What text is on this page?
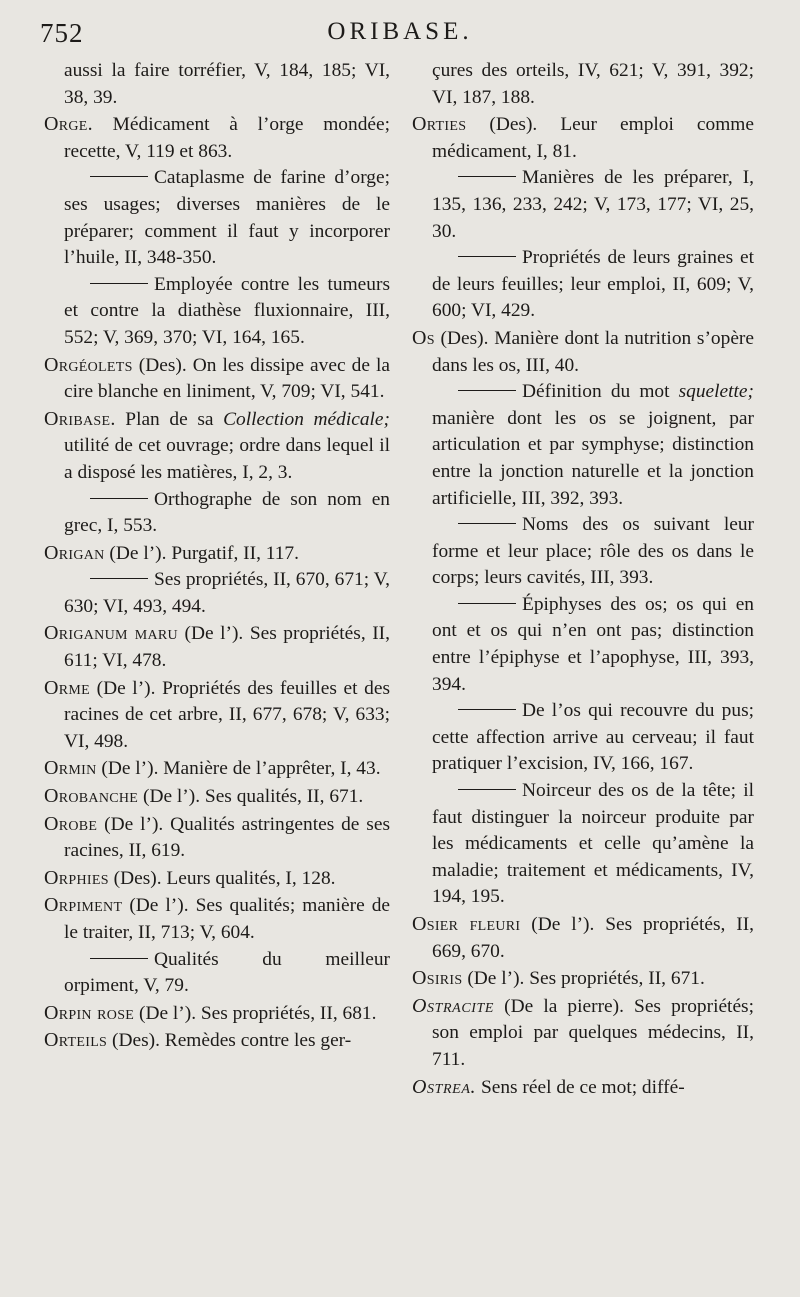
752	ORIBASE.

aussi la faire torréfier, V, 184, 185; VI, 38, 39.

Orge. Médicament à l’orge mondée; recette, V, 119 et 863.

Cataplasme de farine d’orge; ses usages; diverses manières de le préparer; comment il faut y incorporer l’huile, II, 348-350.

Employée contre les tumeurs et contre la diathèse fluxionnaire, III, 552; V, 369, 370; VI, 164, 165.

Orgéolets (Des). On les dissipe avec de la cire blanche en liniment, V, 709; VI, 541.

Oribase. Plan de sa Collection médicale; utilité de cet ouvrage; ordre dans lequel il a disposé les matières, I, 2, 3.

Orthographe de son nom en grec, I, 553.

Origan (De l’). Purgatif, II, 117.

Ses propriétés, II, 670, 671; V, 630; VI, 493, 494.

Origanum maru (De l’). Ses propriétés, II, 611; VI, 478.

Orme (De l’). Propriétés des feuilles et des racines de cet arbre, II, 677, 678; V, 633; VI, 498.

Ormin (De l’). Manière de l’apprêter, I, 43.

Orobanche (De l’). Ses qualités, II, 671.

Orobe (De l’). Qualités astringentes de ses racines, II, 619.

Orphies (Des). Leurs qualités, I, 128.

Orpiment (De l’). Ses qualités; manière de le traiter, II, 713; V, 604.

Qualités du meilleur orpiment, V, 79.

Orpin rose (De l’). Ses propriétés, II, 681.

Orteils (Des). Remèdes contre les ger-

çures des orteils, IV, 621; V, 391, 392; VI, 187, 188.

Orties (Des). Leur emploi comme médicament, I, 81.

Manières de les préparer, I, 135, 136, 233, 242; V, 173, 177; VI, 25, 30.

Propriétés de leurs graines et de leurs feuilles; leur emploi, II, 609; V, 600; VI, 429.

Os (Des). Manière dont la nutrition s’opère dans les os, III, 40.

Définition du mot squelette; manière dont les os se joignent, par articulation et par symphyse; distinction entre la jonction naturelle et la jonction artificielle, III, 392, 393.

Noms des os suivant leur forme et leur place; rôle des os dans le corps; leurs cavités, III, 393.

Épiphyses des os; os qui en ont et os qui n’en ont pas; distinction entre l’épiphyse et l’apophyse, III, 393, 394.

De l’os qui recouvre du pus; cette affection arrive au cerveau; il faut pratiquer l’excision, IV, 166, 167.

Noirceur des os de la tête; il faut distinguer la noirceur produite par les médicaments et celle qu’amène la maladie; traitement et médicaments, IV, 194, 195.

Osier fleuri (De l’). Ses propriétés, II, 669, 670.

Osiris (De l’). Ses propriétés, II, 671.

Ostracite (De la pierre). Ses propriétés; son emploi par quelques médecins, II, 711.

Ostrea. Sens réel de ce mot; diffé-
